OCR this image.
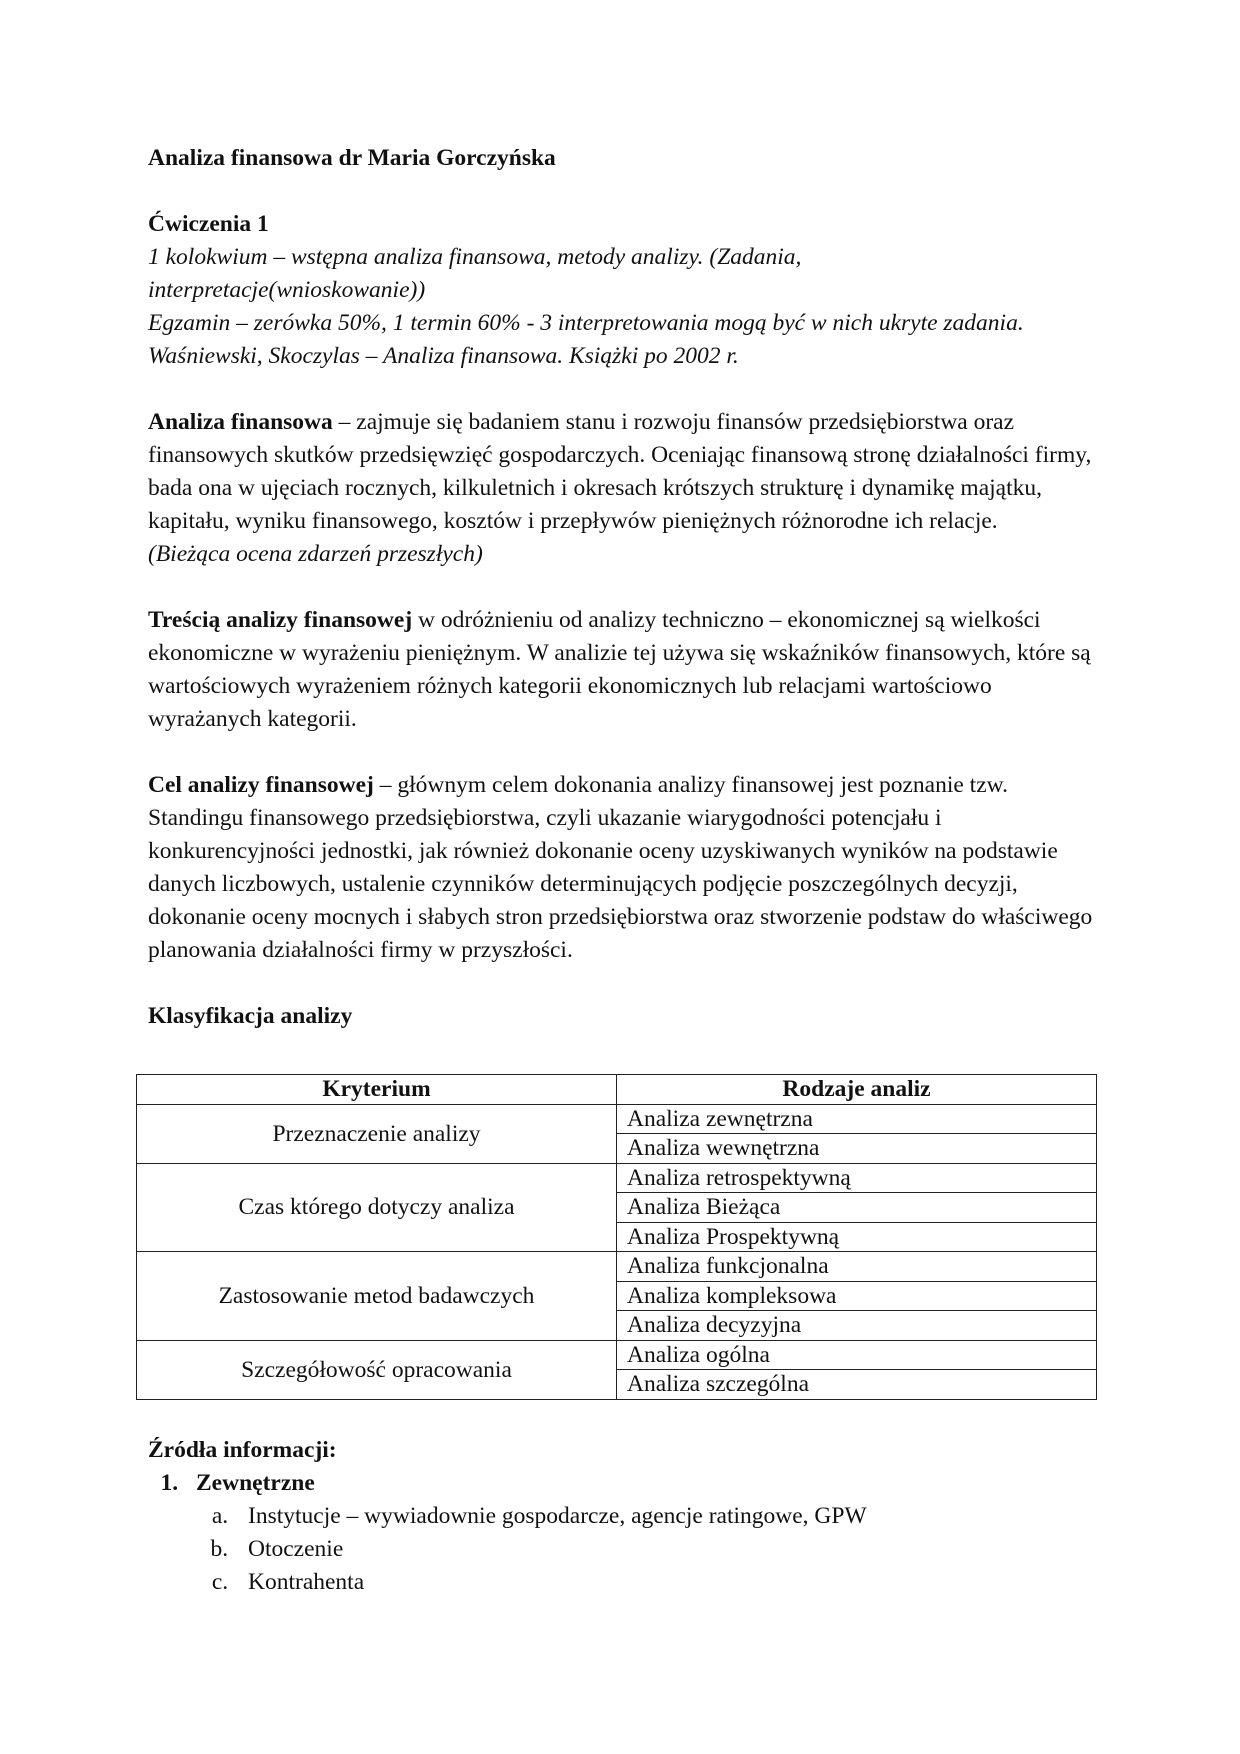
Analiza finansowa dr Maria Gorczyńska

Ćwiczenia 1

1 kolokwium – wstępna analiza finansowa, metody analizy. (Zadania,

interpretacje(wnioskowanie))

Egzamin – zerówka 50%, 1 termin 60% - 3 interpretowania mogą być w nich ukryte zadania.

Waśniewski, Skoczylas – Analiza finansowa. Książki po 2002 r.

Analiza finansowa – zajmuje się badaniem stanu i rozwoju finansów przedsiębiorstwa oraz finansowych skutków przedsięwzięć gospodarczych. Oceniając finansową stronę działalności firmy, bada ona w ujęciach rocznych, kilkuletnich i okresach krótszych strukturę i dynamikę majątku, kapitału, wyniku finansowego, kosztów i przepływów pieniężnych różnorodne ich relacje.

(Bieżąca ocena zdarzeń przeszłych)

Treścią analizy finansowej w odróżnieniu od analizy techniczno – ekonomicznej są wielkości ekonomiczne w wyrażeniu pieniężnym. W analizie tej używa się wskaźników finansowych, które są wartościowych wyrażeniem różnych kategorii ekonomicznych lub relacjami wartościowo wyrażanych kategorii.

Cel analizy finansowej – głównym celem dokonania analizy finansowej jest poznanie tzw. Standingu finansowego przedsiębiorstwa, czyli ukazanie wiarygodności potencjału i konkurencyjności jednostki, jak również dokonanie oceny uzyskiwanych wyników na podstawie danych liczbowych, ustalenie czynników determinujących podjęcie poszczególnych decyzji, dokonanie oceny mocnych i słabych stron przedsiębiorstwa oraz stworzenie podstaw do właściwego planowania działalności firmy w przyszłości.

Klasyfikacja analizy

Kryterium	Rodzaje analiz
Przeznaczenie analizy	Analiza zewnętrzna
	Analiza wewnętrzna
Czas którego dotyczy analiza	Analiza retrospektywną
	Analiza Bieżąca
	Analiza Prospektywną
Zastosowanie metod badawczych	Analiza funkcjonalna
	Analiza kompleksowa
	Analiza decyzyjna
Szczegółowość opracowania	Analiza ogólna
	Analiza szczególna

Źródła informacji:

1. Zewnętrzne
a. Instytucje – wywiadownie gospodarcze, agencje ratingowe, GPW
b. Otoczenie
c. Kontrahenta
